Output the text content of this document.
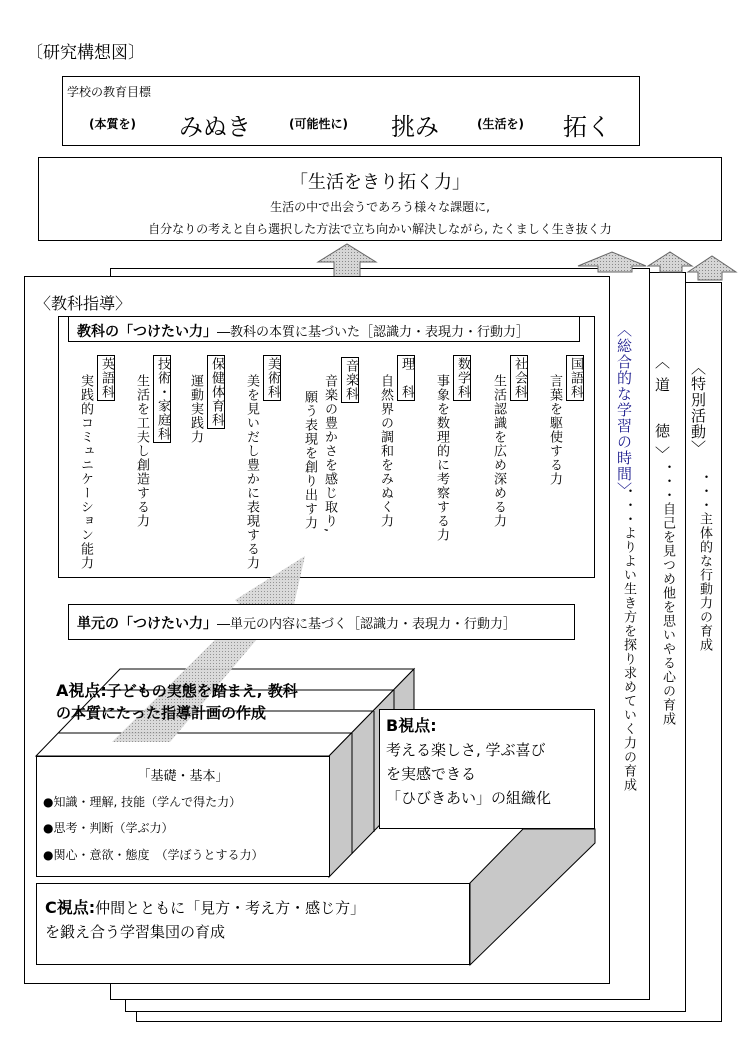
〔研究構想図〕
学校の教育目標
(本質を) みぬき	(可能性に) 挑み	(生活を) 拓く
「生活をきり拓く力」
生活の中で出会うであろう様々な課題に,
自分なりの考えと自ら選択した方法で立ち向かい解決しながら, たくましく生き抜く力
〈総合的な学習の時間〉
・・・よりよい生き方を探り求めていく力の育成
〈道　徳〉
・・・自己を見つめ他を思いやる心の育成
〈特別活動〉
・・・主体的な行動力の育成
〈教科指導〉
教科の「つけたい力」―教科の本質に基づいた［認識力・表現力・行動力］
国語科
言葉を駆使する力
社会科
生活認識を広め深める力
数学科
事象を数理的に考察する力
理　科
自然界の調和をみぬく力
音楽科
音楽の豊かさを感じ取り,
願う表現を創り出す力
美術科
美を見いだし豊かに表現する力
保健体育科
運動実践力
技術・家庭科
生活を工夫し創造する力
英語科
実践的コミュニケーション能力
単元の「つけたい力」―単元の内容に基づく［認識力・表現力・行動力］
A視点:子どもの実態を踏まえ, 教科
の本質にたった指導計画の作成
「基礎・基本」
●知識・理解, 技能（学んで得た力）
●思考・判断（学ぶ力）
●関心・意欲・態度　（学ぼうとする力）
B視点:
考える楽しさ, 学ぶ喜び
を実感できる
「ひびきあい」の組織化
C視点:仲間とともに「見方・考え方・感じ方」
を鍛え合う学習集団の育成
